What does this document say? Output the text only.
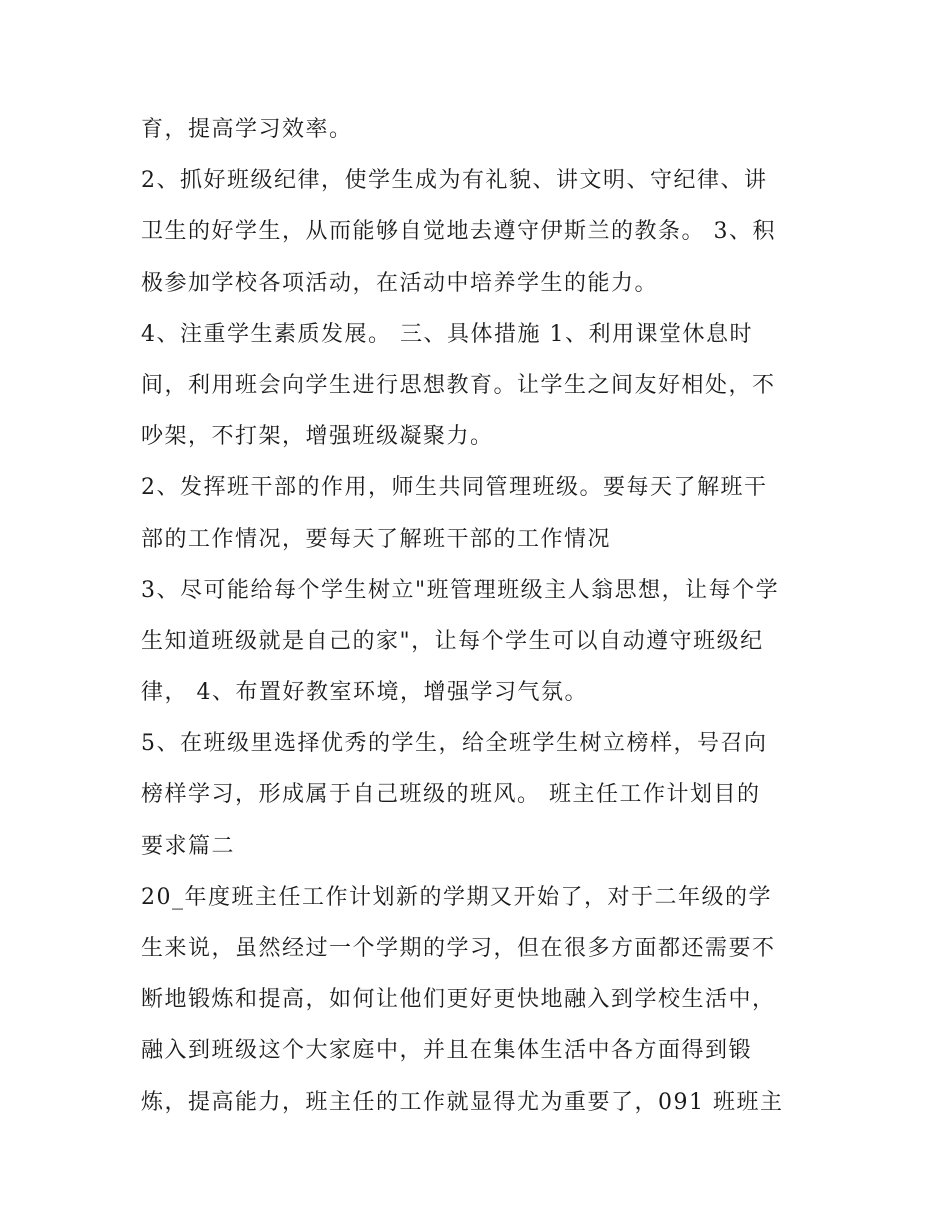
育，提高学习效率。
2、抓好班级纪律，使学生成为有礼貌、讲文明、守纪律、讲
卫生的好学生，从而能够自觉地去遵守伊斯兰的教条。 3、积
极参加学校各项活动，在活动中培养学生的能力。
4、注重学生素质发展。 三、具体措施 1、利用课堂休息时
间，利用班会向学生进行思想教育。让学生之间友好相处，不
吵架，不打架，增强班级凝聚力。
2、发挥班干部的作用，师生共同管理班级。要每天了解班干
部的工作情况，要每天了解班干部的工作情况
3、尽可能给每个学生树立"班管理班级主人翁思想，让每个学
生知道班级就是自己的家"，让每个学生可以自动遵守班级纪
律， 4、布置好教室环境，增强学习气氛。
5、在班级里选择优秀的学生，给全班学生树立榜样，号召向
榜样学习，形成属于自己班级的班风。 班主任工作计划目的
要求篇二
20_年度班主任工作计划新的学期又开始了，对于二年级的学
生来说，虽然经过一个学期的学习，但在很多方面都还需要不
断地锻炼和提高，如何让他们更好更快地融入到学校生活中，
融入到班级这个大家庭中，并且在集体生活中各方面得到锻
炼，提高能力，班主任的工作就显得尤为重要了，091 班班主
